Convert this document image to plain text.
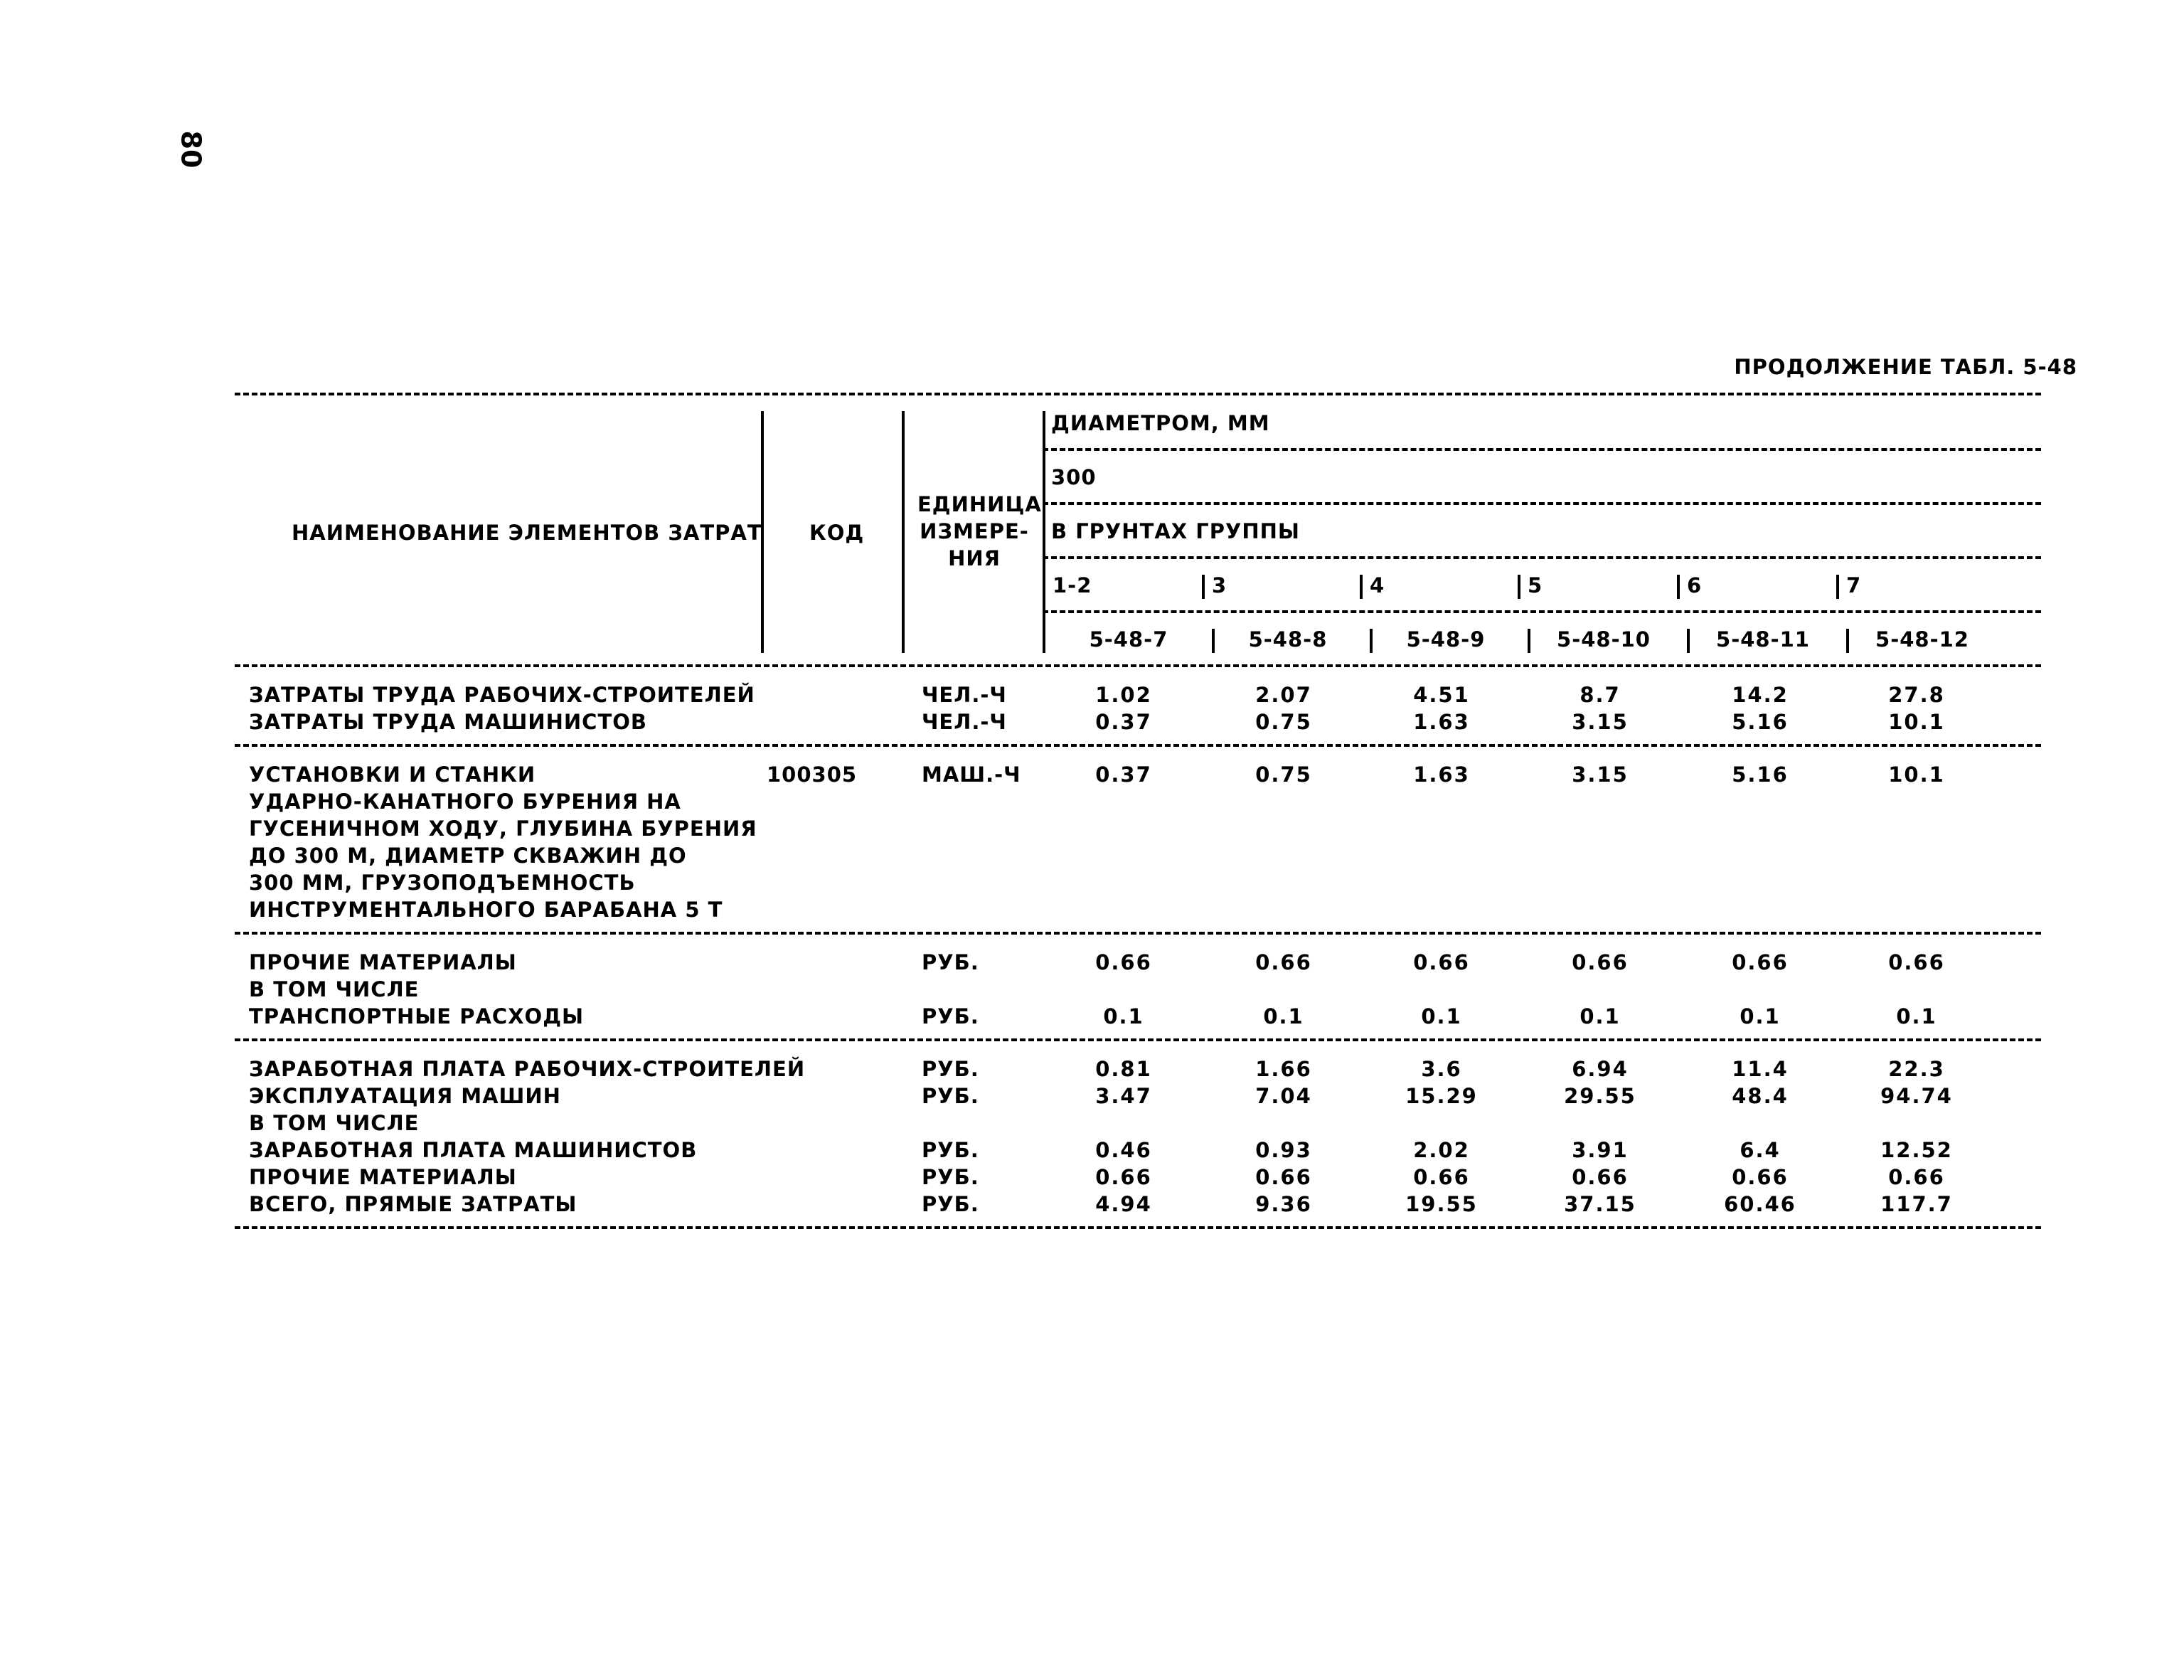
80
ПРОДОЛЖЕНИЕ ТАБЛ. 5-48
НАИМЕНОВАНИЕ ЭЛЕМЕНТОВ ЗАТРАТ КОД
ЕДИНИЦА
ИЗМЕРЕ-
НИЯ
ДИАМЕТРОМ, ММ
300
В ГРУНТАХ ГРУППЫ
1-2	3	4	5	6	7
5-48-7	5-48-8	5-48-9	5-48-10	5-48-11	5-48-12
ЗАТРАТЫ ТРУДА РАБОЧИХ-СТРОИТЕЛЕЙ	ЧЕЛ.-Ч	1.02	2.07	4.51	8.7	14.2	27.8
ЗАТРАТЫ ТРУДА МАШИНИСТОВ	ЧЕЛ.-Ч	0.37	0.75	1.63	3.15	5.16	10.1
УСТАНОВКИ И СТАНКИ
УДАРНО-КАНАТНОГО БУРЕНИЯ НА
ГУСЕНИЧНОМ ХОДУ, ГЛУБИНА БУРЕНИЯ
ДО 300 М, ДИАМЕТР СКВАЖИН ДО
300 ММ, ГРУЗОПОДЪЕМНОСТЬ
ИНСТРУМЕНТАЛЬНОГО БАРАБАНА 5 Т
100305	МАШ.-Ч	0.37	0.75	1.63	3.15	5.16	10.1
ПРОЧИЕ МАТЕРИАЛЫ	РУБ.	0.66	0.66	0.66	0.66	0.66	0.66
В ТОМ ЧИСЛЕ
ТРАНСПОРТНЫЕ РАСХОДЫ	РУБ.	0.1	0.1	0.1	0.1	0.1	0.1
ЗАРАБОТНАЯ ПЛАТА РАБОЧИХ-СТРОИТЕЛЕЙ	РУБ.	0.81	1.66	3.6	6.94	11.4	22.3
ЭКСПЛУАТАЦИЯ МАШИН	РУБ.	3.47	7.04	15.29	29.55	48.4	94.74
В ТОМ ЧИСЛЕ
ЗАРАБОТНАЯ ПЛАТА МАШИНИСТОВ	РУБ.	0.46	0.93	2.02	3.91	6.4	12.52
ПРОЧИЕ МАТЕРИАЛЫ	РУБ.	0.66	0.66	0.66	0.66	0.66	0.66
ВСЕГО, ПРЯМЫЕ ЗАТРАТЫ	РУБ.	4.94	9.36	19.55	37.15	60.46	117.7
